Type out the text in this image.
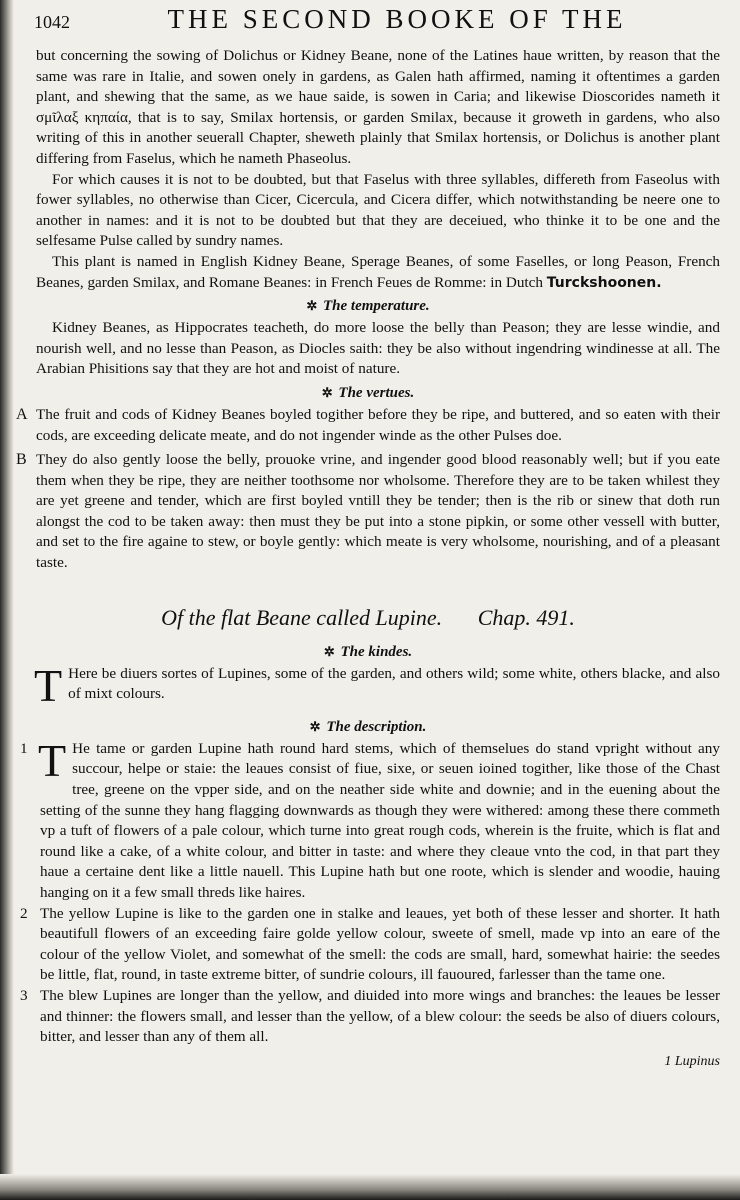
1042	THE SECOND BOOKE OF THE

but concerning the sowing of Dolichus or Kidney Beane, none of the Latines haue written, by reason that the same was rare in Italie, and sowen onely in gardens, as Galen hath affirmed, naming it oftentimes a garden plant, and shewing that the same, as we haue saide, is sowen in Caria; and likewise Dioscorides nameth it σμῖλαξ κηπαία, that is to say, Smilax hortensis, or garden Smilax, because it groweth in gardens, who also writing of this in another seuerall Chapter, sheweth plainly that Smilax hortensis, or Dolichus is another plant differing from Faselus, which he nameth Phaseolus.

For which causes it is not to be doubted, but that Faselus with three syllables, differeth from Faseolus with fower syllables, no otherwise than Cicer, Cicercula, and Cicera differ, which notwithstanding be neere one to another in names: and it is not to be doubted but that they are deceiued, who thinke it to be one and the selfesame Pulse called by sundry names.

This plant is named in English Kidney Beane, Sperage Beanes, of some Faselles, or long Peason, French Beanes, garden Smilax, and Romane Beanes: in French Feues de Romme: in Dutch Turckshoonen.

✲ The temperature.

Kidney Beanes, as Hippocrates teacheth, do more loose the belly than Peason; they are lesse windie, and nourish well, and no lesse than Peason, as Diocles saith: they be also without ingendring windinesse at all. The Arabian Phisitions say that they are hot and moist of nature.

✲ The vertues.
A The fruit and cods of Kidney Beanes boyled togither before they be ripe, and buttered, and so eaten with their cods, are exceeding delicate meate, and do not ingender winde as the other Pulses doe.
B They do also gently loose the belly, prouoke vrine, and ingender good blood reasonably well; but if you eate them when they be ripe, they are neither toothsome nor wholsome. Therefore they are to be taken whilest they are yet greene and tender, which are first boyled vntill they be tender; then is the rib or sinew that doth run alongst the cod to be taken away: then must they be put into a stone pipkin, or some other vessell with butter, and set to the fire againe to stew, or boyle gently: which meate is very wholsome, nourishing, and of a pleasant taste.
Of the flat Beane called Lupine. Chap. 491.
✲ The kindes.
T Here be diuers sortes of Lupines, some of the garden, and others wild; some white, others blacke, and also of mixt colours.
✲ The description.
1 T He tame or garden Lupine hath round hard stems, which of themselues do stand vpright without any succour, helpe or staie: the leaues consist of fiue, sixe, or seuen ioined togither, like those of the Chast tree, greene on the vpper side, and on the neather side white and downie; and in the euening about the setting of the sunne they hang flagging downwards as though they were withered: among these there commeth vp a tuft of flowers of a pale colour, which turne into great rough cods, wherein is the fruite, which is flat and round like a cake, of a white colour, and bitter in taste: and where they cleaue vnto the cod, in that part they haue a certaine dent like a little nauell. This Lupine hath but one roote, which is slender and woodie, hauing hanging on it a few small threds like haires.
2 The yellow Lupine is like to the garden one in stalke and leaues, yet both of these lesser and shorter. It hath beautifull flowers of an exceeding faire golde yellow colour, sweete of smell, made vp into an eare of the colour of the yellow Violet, and somewhat of the smell: the cods are small, hard, somewhat hairie: the seedes be little, flat, round, in taste extreme bitter, of sundrie colours, ill fauoured, farlesser than the tame one.
3 The blew Lupines are longer than the yellow, and diuided into more wings and branches: the leaues be lesser and thinner: the flowers small, and lesser than the yellow, of a blew colour: the seeds be also of diuers colours, bitter, and lesser than any of them all.
1 Lupinus
